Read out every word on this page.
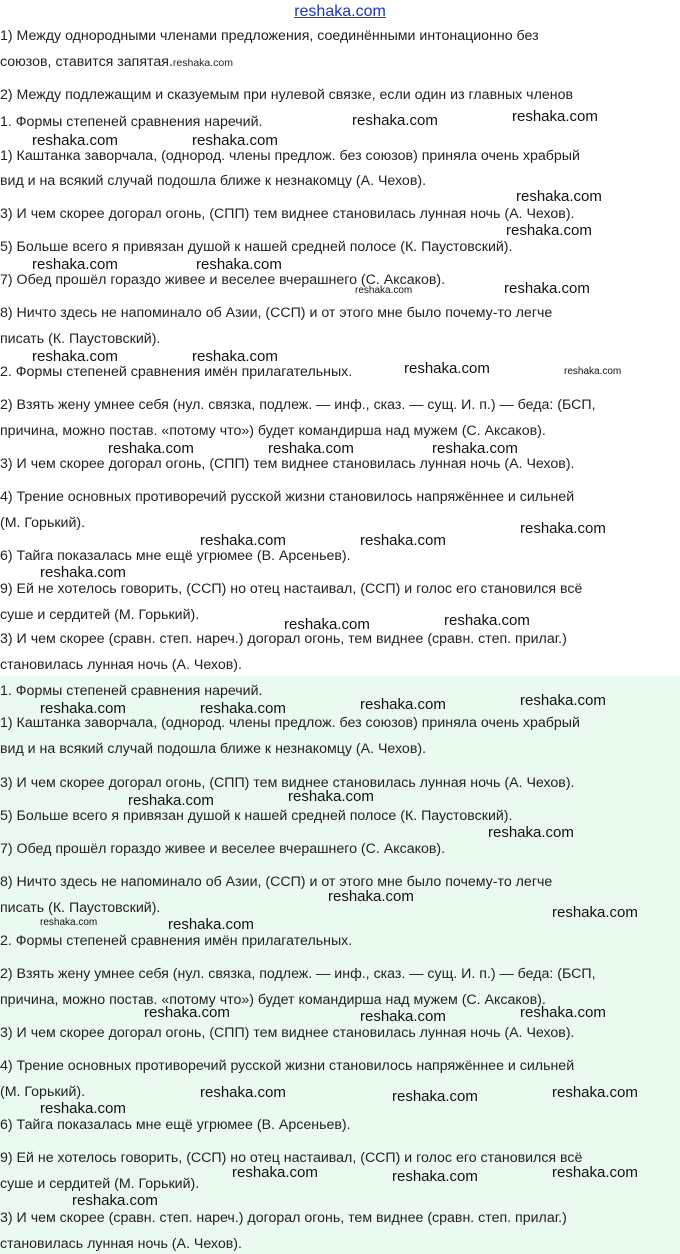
reshaka.com
1) Между однородными членами предложения, соединёнными интонационно без
союзов, ставится запятая.reshaka.com
2) Между подлежащим и сказуемым при нулевой связке, если один из главных членов
1. Формы степеней сравнения наречий.
1) Каштанка заворчала, (однород. члены предлож. без союзов) приняла очень храбрый
вид и на всякий случай подошла ближе к незнакомцу (А. Чехов).
3) И чем скорее догорал огонь, (СПП) тем виднее становилась лунная ночь (А. Чехов).
5) Больше всего я привязан душой к нашей средней полосе (К. Паустовский).
7) Обед прошёл гораздо живее и веселее вчерашнего (С. Аксаков).
8) Ничто здесь не напоминало об Азии, (ССП) и от этого мне было почему-то легче
писать (К. Паустовский).
2. Формы степеней сравнения имён прилагательных.
2) Взять жену умнее себя (нул. связка, подлеж. — инф., сказ. — сущ. И. п.) — беда: (БСП,
причина, можно постав. «потому что») будет командирша над мужем (С. Аксаков).
3) И чем скорее догорал огонь, (СПП) тем виднее становилась лунная ночь (А. Чехов).
4) Трение основных противоречий русской жизни становилось напряжённее и сильней
(М. Горький).
6) Тайга показалась мне ещё угрюмее (В. Арсеньев).
9) Ей не хотелось говорить, (ССП) но отец настаивал, (ССП) и голос его становился всё
суше и сердитей (М. Горький).
3) И чем скорее (сравн. степ. нареч.) догорал огонь, тем виднее (сравн. степ. прилаг.)
становилась лунная ночь (А. Чехов).
1. Формы степеней сравнения наречий.
1) Каштанка заворчала, (однород. члены предлож. без союзов) приняла очень храбрый
вид и на всякий случай подошла ближе к незнакомцу (А. Чехов).
3) И чем скорее догорал огонь, (СПП) тем виднее становилась лунная ночь (А. Чехов).
5) Больше всего я привязан душой к нашей средней полосе (К. Паустовский).
7) Обед прошёл гораздо живее и веселее вчерашнего (С. Аксаков).
8) Ничто здесь не напоминало об Азии, (ССП) и от этого мне было почему-то легче
писать (К. Паустовский).
2. Формы степеней сравнения имён прилагательных.
2) Взять жену умнее себя (нул. связка, подлеж. — инф., сказ. — сущ. И. п.) — беда: (БСП,
причина, можно постав. «потому что») будет командирша над мужем (С. Аксаков).
3) И чем скорее догорал огонь, (СПП) тем виднее становилась лунная ночь (А. Чехов).
4) Трение основных противоречий русской жизни становилось напряжённее и сильней
(М. Горький).
6) Тайга показалась мне ещё угрюмее (В. Арсеньев).
9) Ей не хотелось говорить, (ССП) но отец настаивал, (ССП) и голос его становился всё
суше и сердитей (М. Горький).
3) И чем скорее (сравн. степ. нареч.) догорал огонь, тем виднее (сравн. степ. прилаг.)
становилась лунная ночь (А. Чехов).
reshaka.com	reshaka.com
reshaka.com	reshaka.com
reshaka.com
reshaka.com
reshaka.com	reshaka.com
reshaka.com	reshaka.com
reshaka.com	reshaka.com
reshaka.com	reshaka.com
reshaka.com	reshaka.com	reshaka.com
reshaka.com
reshaka.com	reshaka.com
reshaka.com
reshaka.com	reshaka.com
reshaka.com
reshaka.com	reshaka.com	reshaka.com
reshaka.com
reshaka.com
reshaka.com
reshaka.com
reshaka.com
reshaka.com	reshaka.com
reshaka.com	reshaka.com	reshaka.com
reshaka.com	reshaka.com	reshaka.com
reshaka.com
reshaka.com	reshaka.com	reshaka.com
reshaka.com
